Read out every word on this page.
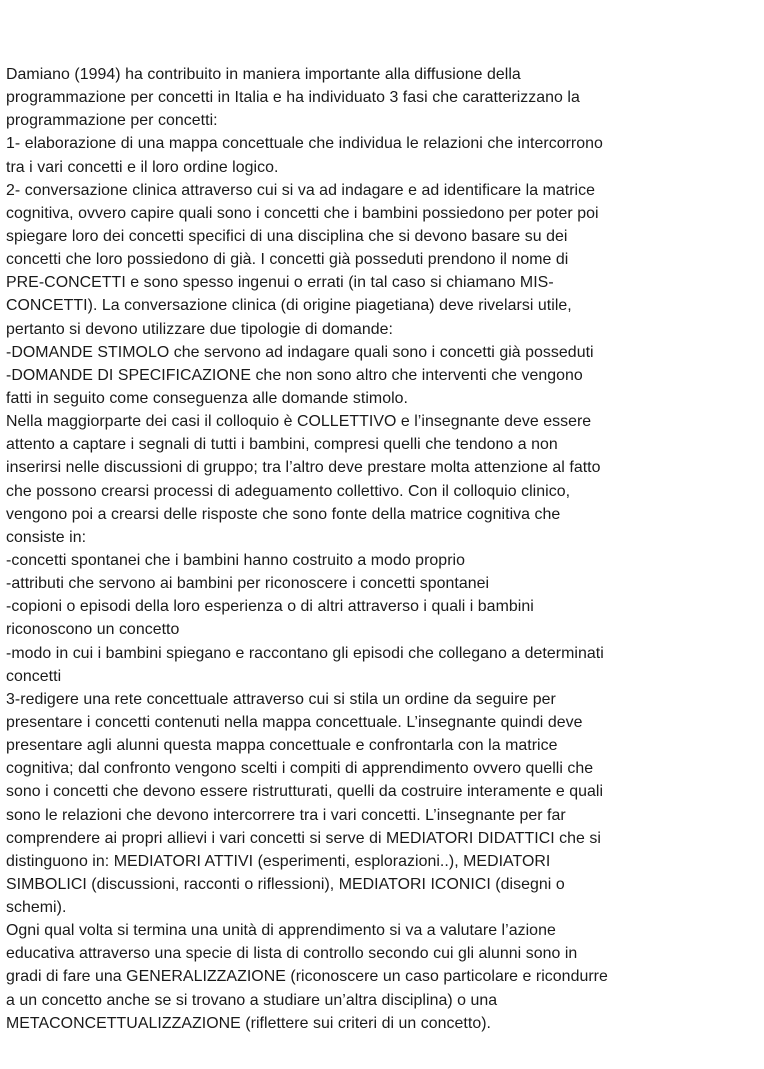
Damiano (1994) ha contribuito in maniera importante alla diffusione della
programmazione per concetti in Italia e ha individuato 3 fasi che caratterizzano la
programmazione per concetti:
1- elaborazione di una mappa concettuale che individua le relazioni che intercorrono
tra i vari concetti e il loro ordine logico.
2- conversazione clinica attraverso cui si va ad indagare e ad identificare la matrice
cognitiva, ovvero capire quali sono i concetti che i bambini possiedono per poter poi
spiegare loro dei concetti specifici di una disciplina che si devono basare su dei
concetti che loro possiedono di già. I concetti già posseduti prendono il nome di
PRE-CONCETTI e sono spesso ingenui o errati (in tal caso si chiamano MIS-
CONCETTI). La conversazione clinica (di origine piagetiana) deve rivelarsi utile,
pertanto si devono utilizzare due tipologie di domande:
-DOMANDE STIMOLO che servono ad indagare quali sono i concetti già posseduti
-DOMANDE DI SPECIFICAZIONE che non sono altro che interventi che vengono
fatti in seguito come conseguenza alle domande stimolo.
Nella maggiorparte dei casi il colloquio è COLLETTIVO e l’insegnante deve essere
attento a captare i segnali di tutti i bambini, compresi quelli che tendono a non
inserirsi nelle discussioni di gruppo; tra l’altro deve prestare molta attenzione al fatto
che possono crearsi processi di adeguamento collettivo. Con il colloquio clinico,
vengono poi a crearsi delle risposte che sono fonte della matrice cognitiva che
consiste in:
-concetti spontanei che i bambini hanno costruito a modo proprio
-attributi che servono ai bambini per riconoscere i concetti spontanei
-copioni o episodi della loro esperienza o di altri attraverso i quali i bambini
riconoscono un concetto
-modo in cui i bambini spiegano e raccontano gli episodi che collegano a determinati
concetti
3-redigere una rete concettuale attraverso cui si stila un ordine da seguire per
presentare i concetti contenuti nella mappa concettuale. L’insegnante quindi deve
presentare agli alunni questa mappa concettuale e confrontarla con la matrice
cognitiva; dal confronto vengono scelti i compiti di apprendimento ovvero quelli che
sono i concetti che devono essere ristrutturati, quelli da costruire interamente e quali
sono le relazioni che devono intercorrere tra i vari concetti. L’insegnante per far
comprendere ai propri allievi i vari concetti si serve di MEDIATORI DIDATTICI che si
distinguono in: MEDIATORI ATTIVI (esperimenti, esplorazioni..), MEDIATORI
SIMBOLICI (discussioni, racconti o riflessioni), MEDIATORI ICONICI (disegni o
schemi).
Ogni qual volta si termina una unità di apprendimento si va a valutare l’azione
educativa attraverso una specie di lista di controllo secondo cui gli alunni sono in
gradi di fare una GENERALIZZAZIONE (riconoscere un caso particolare e ricondurre
a un concetto anche se si trovano a studiare un’altra disciplina) o una
METACONCETTUALIZZAZIONE (riflettere sui criteri di un concetto).
